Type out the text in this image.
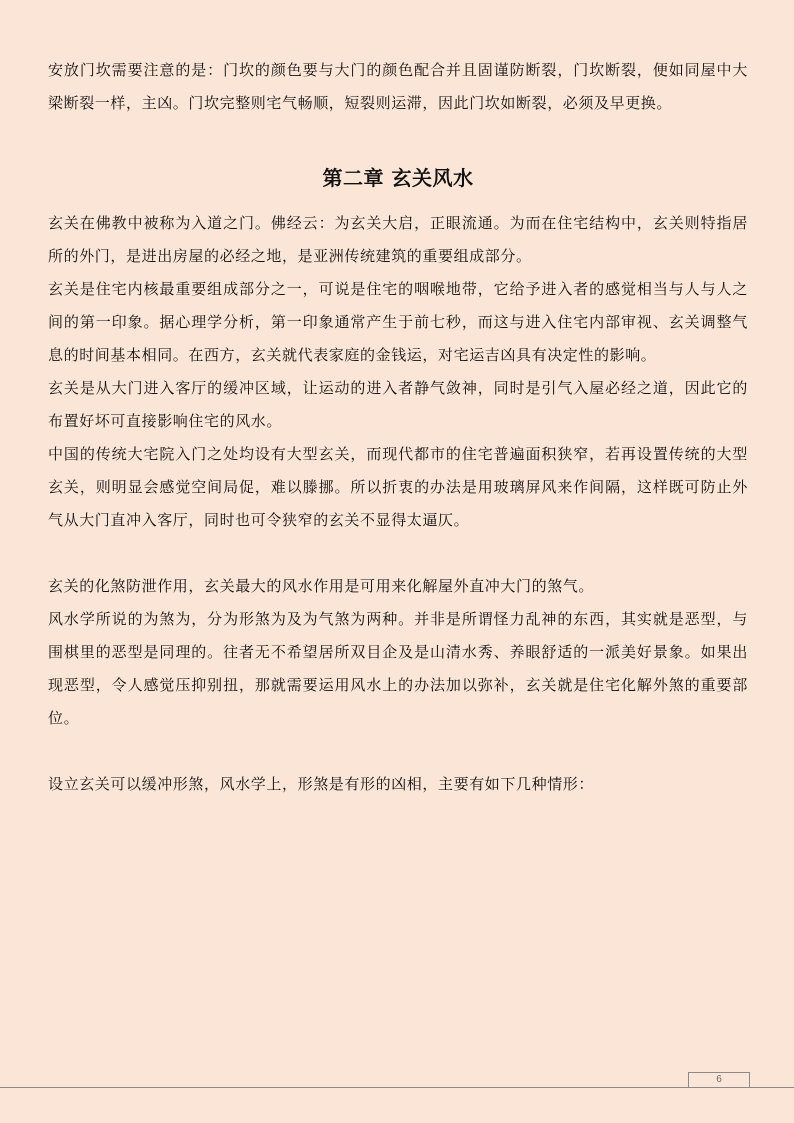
安放门坎需要注意的是：门坎的颜色要与大门的颜色配合并且固谨防断裂，门坎断裂，便如同屋中大梁断裂一样，主凶。门坎完整则宅气畅顺，短裂则运滞，因此门坎如断裂，必须及早更换。

第二章 玄关风水

玄关在佛教中被称为入道之门。佛经云：为玄关大启，正眼流通。为而在住宅结构中，玄关则特指居所的外门，是进出房屋的必经之地，是亚洲传统建筑的重要组成部分。

玄关是住宅内核最重要组成部分之一，可说是住宅的咽喉地带，它给予进入者的感觉相当与人与人之间的第一印象。据心理学分析，第一印象通常产生于前七秒，而这与进入住宅内部审视、玄关调整气息的时间基本相同。在西方，玄关就代表家庭的金钱运，对宅运吉凶具有决定性的影响。

玄关是从大门进入客厅的缓冲区域，让运动的进入者静气敛神，同时是引气入屋必经之道，因此它的布置好坏可直接影响住宅的风水。

中国的传统大宅院入门之处均设有大型玄关，而现代都市的住宅普遍面积狭窄，若再设置传统的大型玄关，则明显会感觉空间局促，难以滕挪。所以折衷的办法是用玻璃屏风来作间隔，这样既可防止外气从大门直冲入客厅，同时也可令狭窄的玄关不显得太逼仄。

玄关的化煞防泄作用，玄关最大的风水作用是可用来化解屋外直冲大门的煞气。

风水学所说的为煞为，分为形煞为及为气煞为两种。并非是所谓怪力乱神的东西，其实就是恶型，与围棋里的恶型是同理的。往者无不希望居所双目企及是山清水秀、养眼舒适的一派美好景象。如果出现恶型，令人感觉压抑别扭，那就需要运用风水上的办法加以弥补，玄关就是住宅化解外煞的重要部位。

设立玄关可以缓冲形煞，风水学上，形煞是有形的凶相，主要有如下几种情形：

6
